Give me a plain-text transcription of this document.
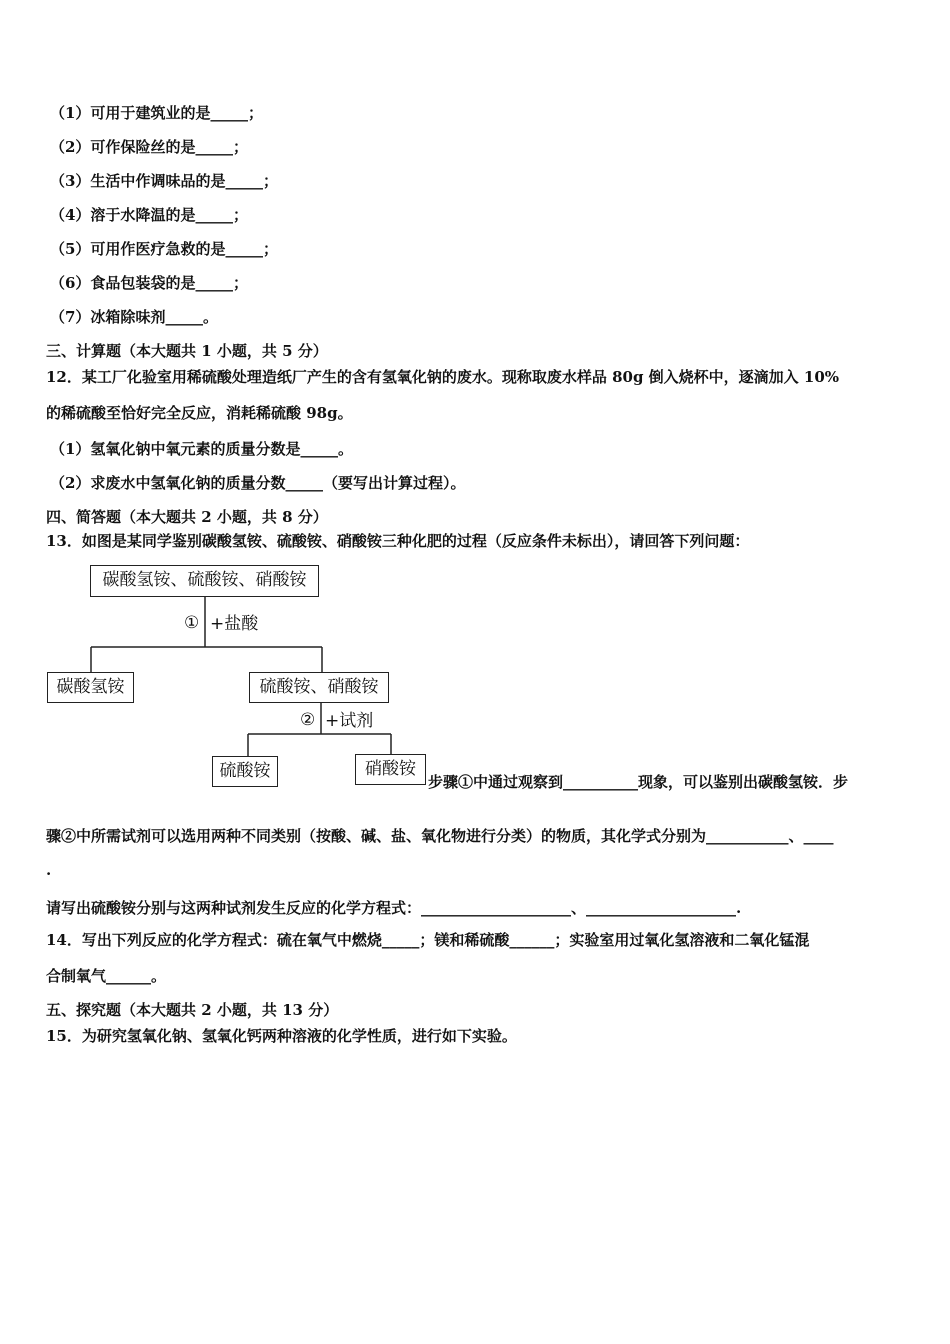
（1）可用于建筑业的是_____；
（2）可作保险丝的是_____；
（3）生活中作调味品的是_____；
（4）溶于水降温的是_____；
（5）可用作医疗急救的是_____；
（6）食品包装袋的是_____；
（7）冰箱除味剂_____。
三、计算题（本大题共 1 小题，共 5 分）
12．某工厂化验室用稀硫酸处理造纸厂产生的含有氢氧化钠的废水。现称取废水样品 80g 倒入烧杯中，逐滴加入 10%
的稀硫酸至恰好完全反应，消耗稀硫酸 98g。
（1）氢氧化钠中氧元素的质量分数是_____。
（2）求废水中氢氧化钠的质量分数_____（要写出计算过程）。
四、简答题（本大题共 2 小题，共 8 分）
13．如图是某同学鉴别碳酸氢铵、硫酸铵、硝酸铵三种化肥的过程（反应条件未标出），请回答下列问题：
碳酸氢铵、硫酸铵、硝酸铵
① +盐酸
碳酸氢铵	硫酸铵、硝酸铵
② +试剂
硫酸铵	硝酸铵
步骤①中通过观察到__________现象，可以鉴别出碳酸氢铵．步
骤②中所需试剂可以选用两种不同类别（按酸、碱、盐、氧化物进行分类）的物质，其化学式分别为___________、____
.
请写出硫酸铵分别与这两种试剂发生反应的化学方程式：____________________、____________________.
14．写出下列反应的化学方程式：硫在氧气中燃烧_____；镁和稀硫酸______；实验室用过氧化氢溶液和二氧化锰混
合制氧气______。
五、探究题（本大题共 2 小题，共 13 分）
15．为研究氢氧化钠、氢氧化钙两种溶液的化学性质，进行如下实验。
